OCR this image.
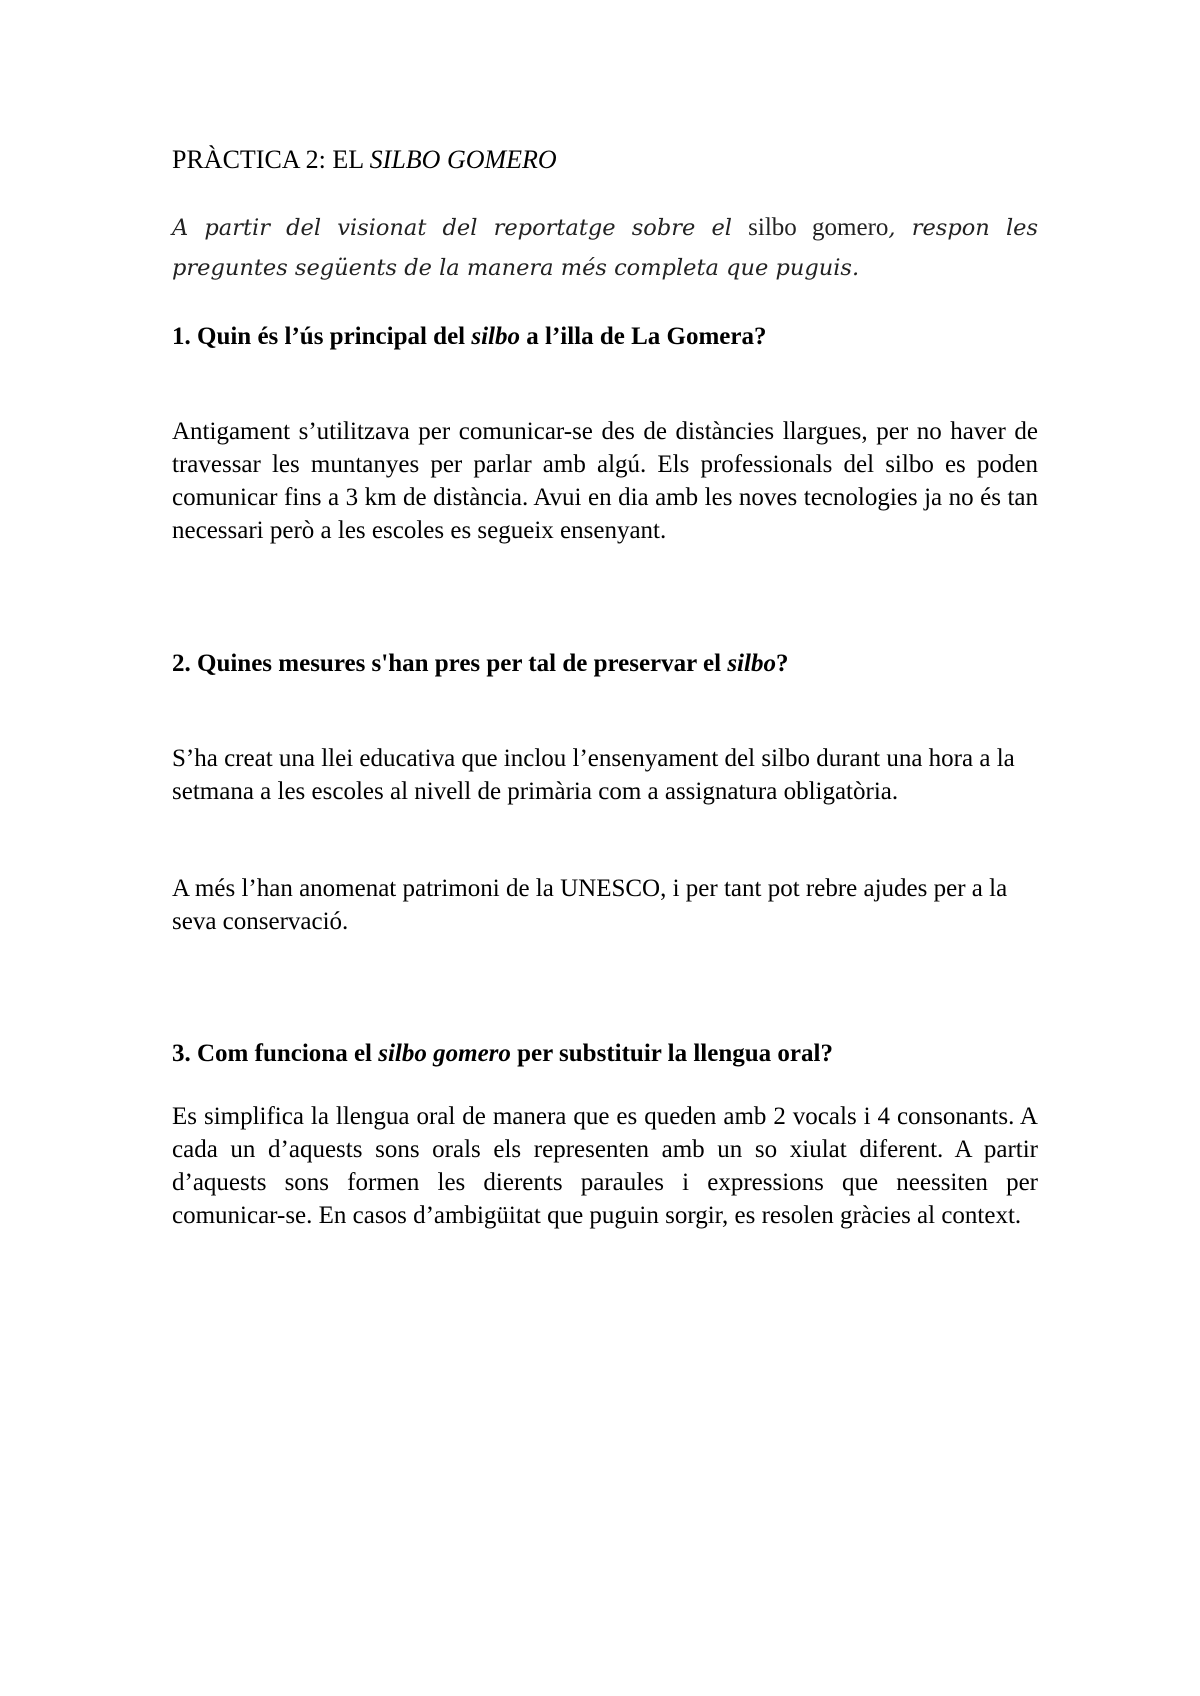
PRÀCTICA 2: EL SILBO GOMERO

A partir del visionat del reportatge sobre el silbo gomero, respon les preguntes següents de la manera més completa que puguis.

1. Quin és l’ús principal del silbo a l’illa de La Gomera?

Antigament s’utilitzava per comunicar-se des de distàncies llargues, per no haver de travessar les muntanyes per parlar amb algú. Els professionals del silbo es poden comunicar fins a 3 km de distància. Avui en dia amb les noves tecnologies ja no és tan necessari però a les escoles es segueix ensenyant.

2. Quines mesures s'han pres per tal de preservar el silbo?

S’ha creat una llei educativa que inclou l’ensenyament del silbo durant una hora a la setmana a les escoles al nivell de primària com a assignatura obligatòria.

A més l’han anomenat patrimoni de la UNESCO, i per tant pot rebre ajudes per a la seva conservació.

3. Com funciona el silbo gomero per substituir la llengua oral?

Es simplifica la llengua oral de manera que es queden amb 2 vocals i 4 consonants. A cada un d’aquests sons orals els representen amb un so xiulat diferent. A partir d’aquests sons formen les dierents paraules i expressions que neessiten per comunicar-se. En casos d’ambigüitat que puguin sorgir, es resolen gràcies al context.
